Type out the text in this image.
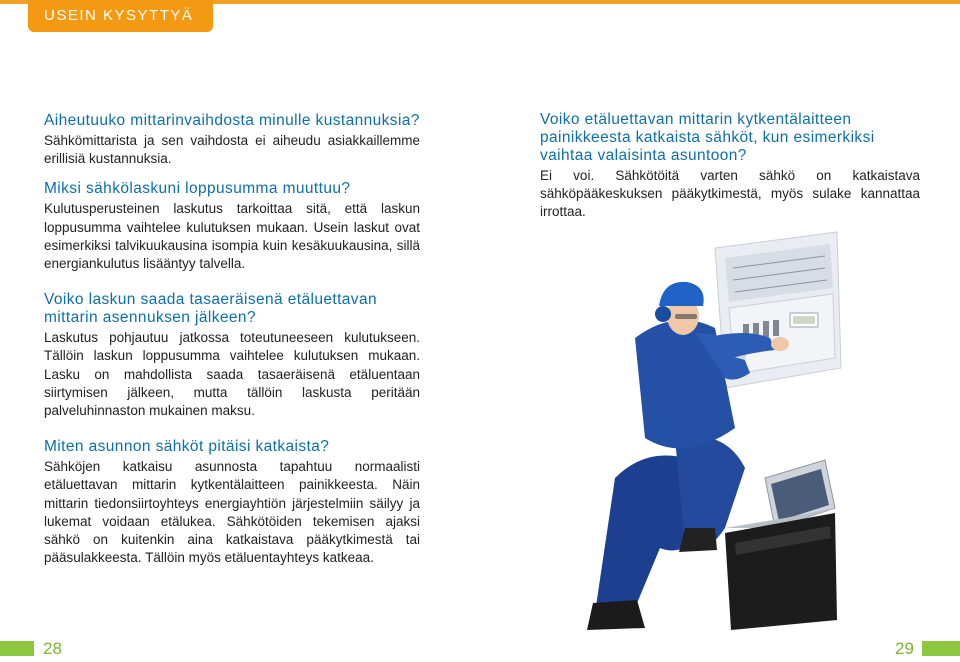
USEIN KYSYTTYÄ
Aiheutuuko mittarinvaihdosta minulle kustannuksia?

Sähkömittarista ja sen vaihdosta ei aiheudu asiakkaillemme erillisiä kustannuksia.

Miksi sähkölaskuni loppusumma muuttuu?

Kulutusperusteinen laskutus tarkoittaa sitä, että laskun loppusumma vaihtelee kulutuksen mukaan. Usein laskut ovat esimerkiksi talvikuukausina isompia kuin kesäkuukausina, sillä energiankulutus lisääntyy talvella.

Voiko laskun saada tasaeräisenä etäluettavan mittarin asennuksen jälkeen?

Laskutus pohjautuu jatkossa toteutuneeseen kulutukseen. Tällöin laskun loppusumma vaihtelee kulutuksen mukaan. Lasku on mahdollista saada tasaeräisenä etäluentaan siirtymisen jälkeen, mutta tällöin laskusta peritään palveluhinnaston mukainen maksu.

Miten asunnon sähköt pitäisi katkaista?

Sähköjen katkaisu asunnosta tapahtuu normaalisti etäluettavan mittarin kytkentälaitteen painikkeesta. Näin mittarin tiedonsiirtoyhteys energiayhtiön järjestelmiin säilyy ja lukemat voidaan etälukea. Sähkötöiden tekemisen ajaksi sähkö on kuitenkin aina katkaistava pääkytkimestä tai pääsulakkeesta. Tällöin myös etäluentayhteys katkeaa.

Voiko etäluettavan mittarin kytkentälaitteen painikkeesta katkaista sähköt, kun esimerkiksi vaihtaa valaisinta asuntoon?

Ei voi. Sähkötöitä varten sähkö on katkaistava sähköpääkeskuksen pääkytkimestä, myös sulake kannattaa irrottaa.

28	29
